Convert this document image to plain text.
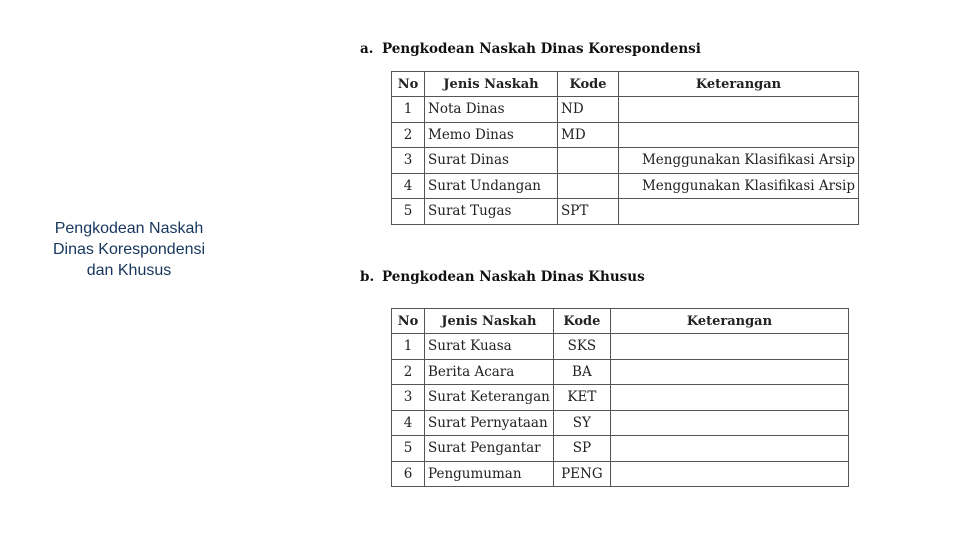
Pengkodean Naskah Dinas Korespondensi dan Khusus
a. Pengkodean Naskah Dinas Korespondensi
No	Jenis Naskah	Kode	Keterangan
1	Nota Dinas	ND	
2	Memo Dinas	MD	
3	Surat Dinas		Menggunakan Klasifikasi Arsip
4	Surat Undangan		Menggunakan Klasifikasi Arsip
5	Surat Tugas	SPT	
b. Pengkodean Naskah Dinas Khusus
No	Jenis Naskah	Kode	Keterangan
1	Surat Kuasa	SKS	
2	Berita Acara	BA	
3	Surat Keterangan	KET	
4	Surat Pernyataan	SY	
5	Surat Pengantar	SP	
6	Pengumuman	PENG	
